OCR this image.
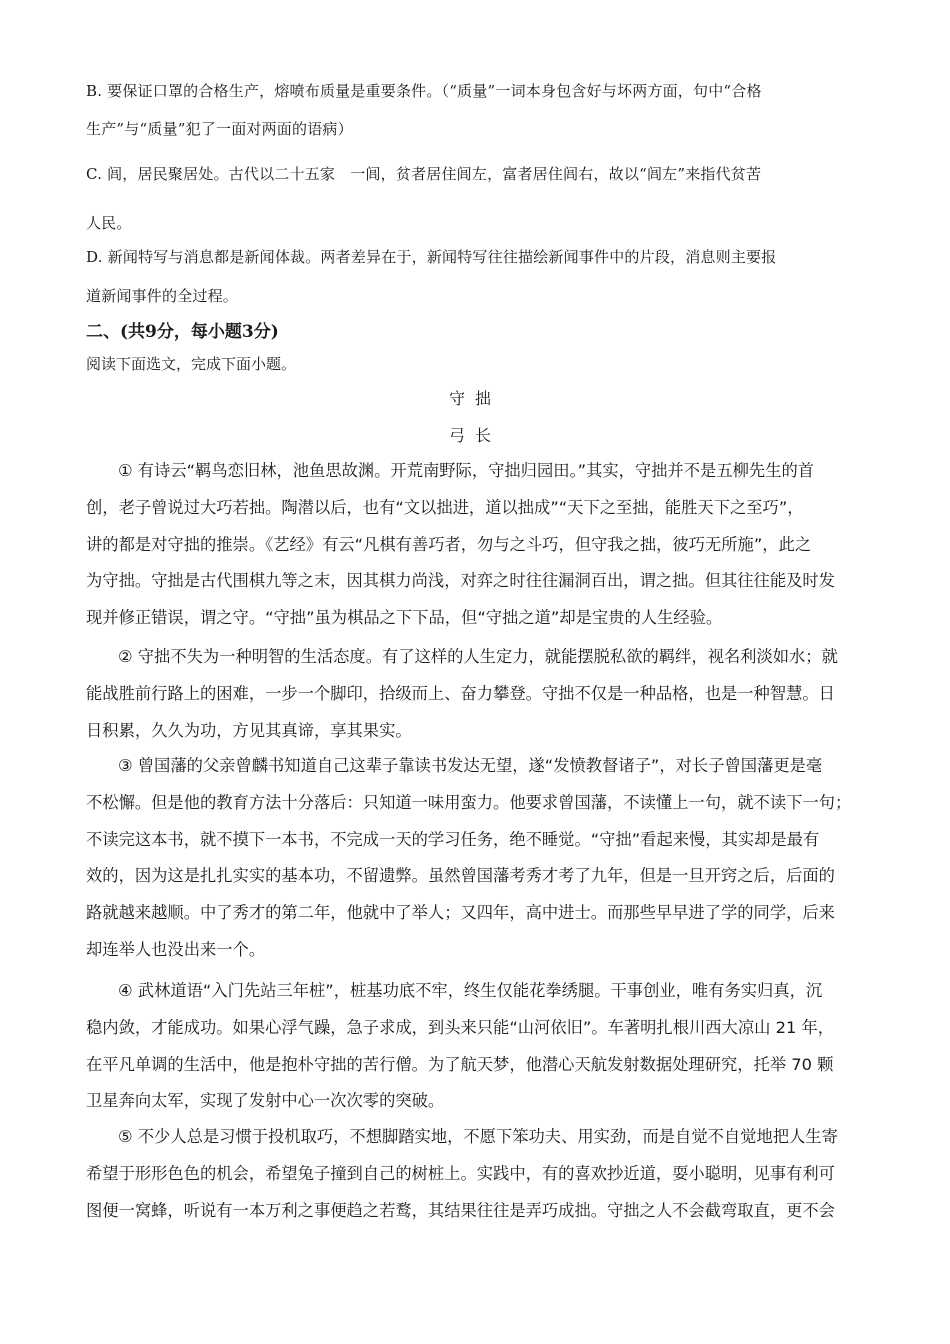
B. 要保证口罩的合格生产，熔喷布质量是重要条件。（“质量”一词本身包含好与坏两方面，句中“合格
生产”与“质量”犯了一面对两面的语病）
C. 闾，居民聚居处。古代以二十五家　一闾，贫者居住闾左，富者居住闾右，故以“闾左”来指代贫苦
人民。
D. 新闻特写与消息都是新闻体裁。两者差异在于，新闻特写往往描绘新闻事件中的片段，消息则主要报
道新闻事件的全过程。
二、(共9分，每小题3分)
阅读下面选文，完成下面小题。
守拙
弓长
① 有诗云“羁鸟恋旧林，池鱼思故渊。开荒南野际，守拙归园田。”其实，守拙并不是五柳先生的首
创，老子曾说过大巧若拙。陶潜以后，也有“文以拙进，道以拙成”“天下之至拙，能胜天下之至巧”，
讲的都是对守拙的推崇。《艺经》有云“凡棋有善巧者，勿与之斗巧，但守我之拙，彼巧无所施”，此之
为守拙。守拙是古代围棋九等之末，因其棋力尚浅，对弈之时往往漏洞百出，谓之拙。但其往往能及时发
现并修正错误，谓之守。“守拙”虽为棋品之下下品，但“守拙之道”却是宝贵的人生经验。
② 守拙不失为一种明智的生活态度。有了这样的人生定力，就能摆脱私欲的羁绊，视名利淡如水；就
能战胜前行路上的困难，一步一个脚印，拾级而上、奋力攀登。守拙不仅是一种品格，也是一种智慧。日
日积累，久久为功，方见其真谛，享其果实。
③ 曾国藩的父亲曾麟书知道自己这辈子靠读书发达无望，遂“发愤教督诸子”，对长子曾国藩更是毫
不松懈。但是他的教育方法十分落后：只知道一味用蛮力。他要求曾国藩，不读懂上一句，就不读下一句；
不读完这本书，就不摸下一本书，不完成一天的学习任务，绝不睡觉。“守拙”看起来慢，其实却是最有
效的，因为这是扎扎实实的基本功，不留遗弊。虽然曾国藩考秀才考了九年，但是一旦开窍之后，后面的
路就越来越顺。中了秀才的第二年，他就中了举人；又四年，高中进士。而那些早早进了学的同学，后来
却连举人也没出来一个。
④ 武林道语“入门先站三年桩”，桩基功底不牢，终生仅能花拳绣腿。干事创业，唯有务实归真，沉
稳内敛，才能成功。如果心浮气躁，急子求成，到头来只能“山河依旧”。车著明扎根川西大凉山 21 年，
在平凡单调的生活中，他是抱朴守拙的苦行僧。为了航天梦，他潜心天航发射数据处理研究，托举 70 颗
卫星奔向太军，实现了发射中心一次次零的突破。
⑤ 不少人总是习惯于投机取巧，不想脚踏实地，不愿下笨功夫、用实劲，而是自觉不自觉地把人生寄
希望于形形色色的机会，希望兔子撞到自己的树桩上。实践中，有的喜欢抄近道，耍小聪明，见事有利可
图便一窝蜂，听说有一本万利之事便趋之若鹜，其结果往往是弄巧成拙。守拙之人不会截弯取直，更不会
